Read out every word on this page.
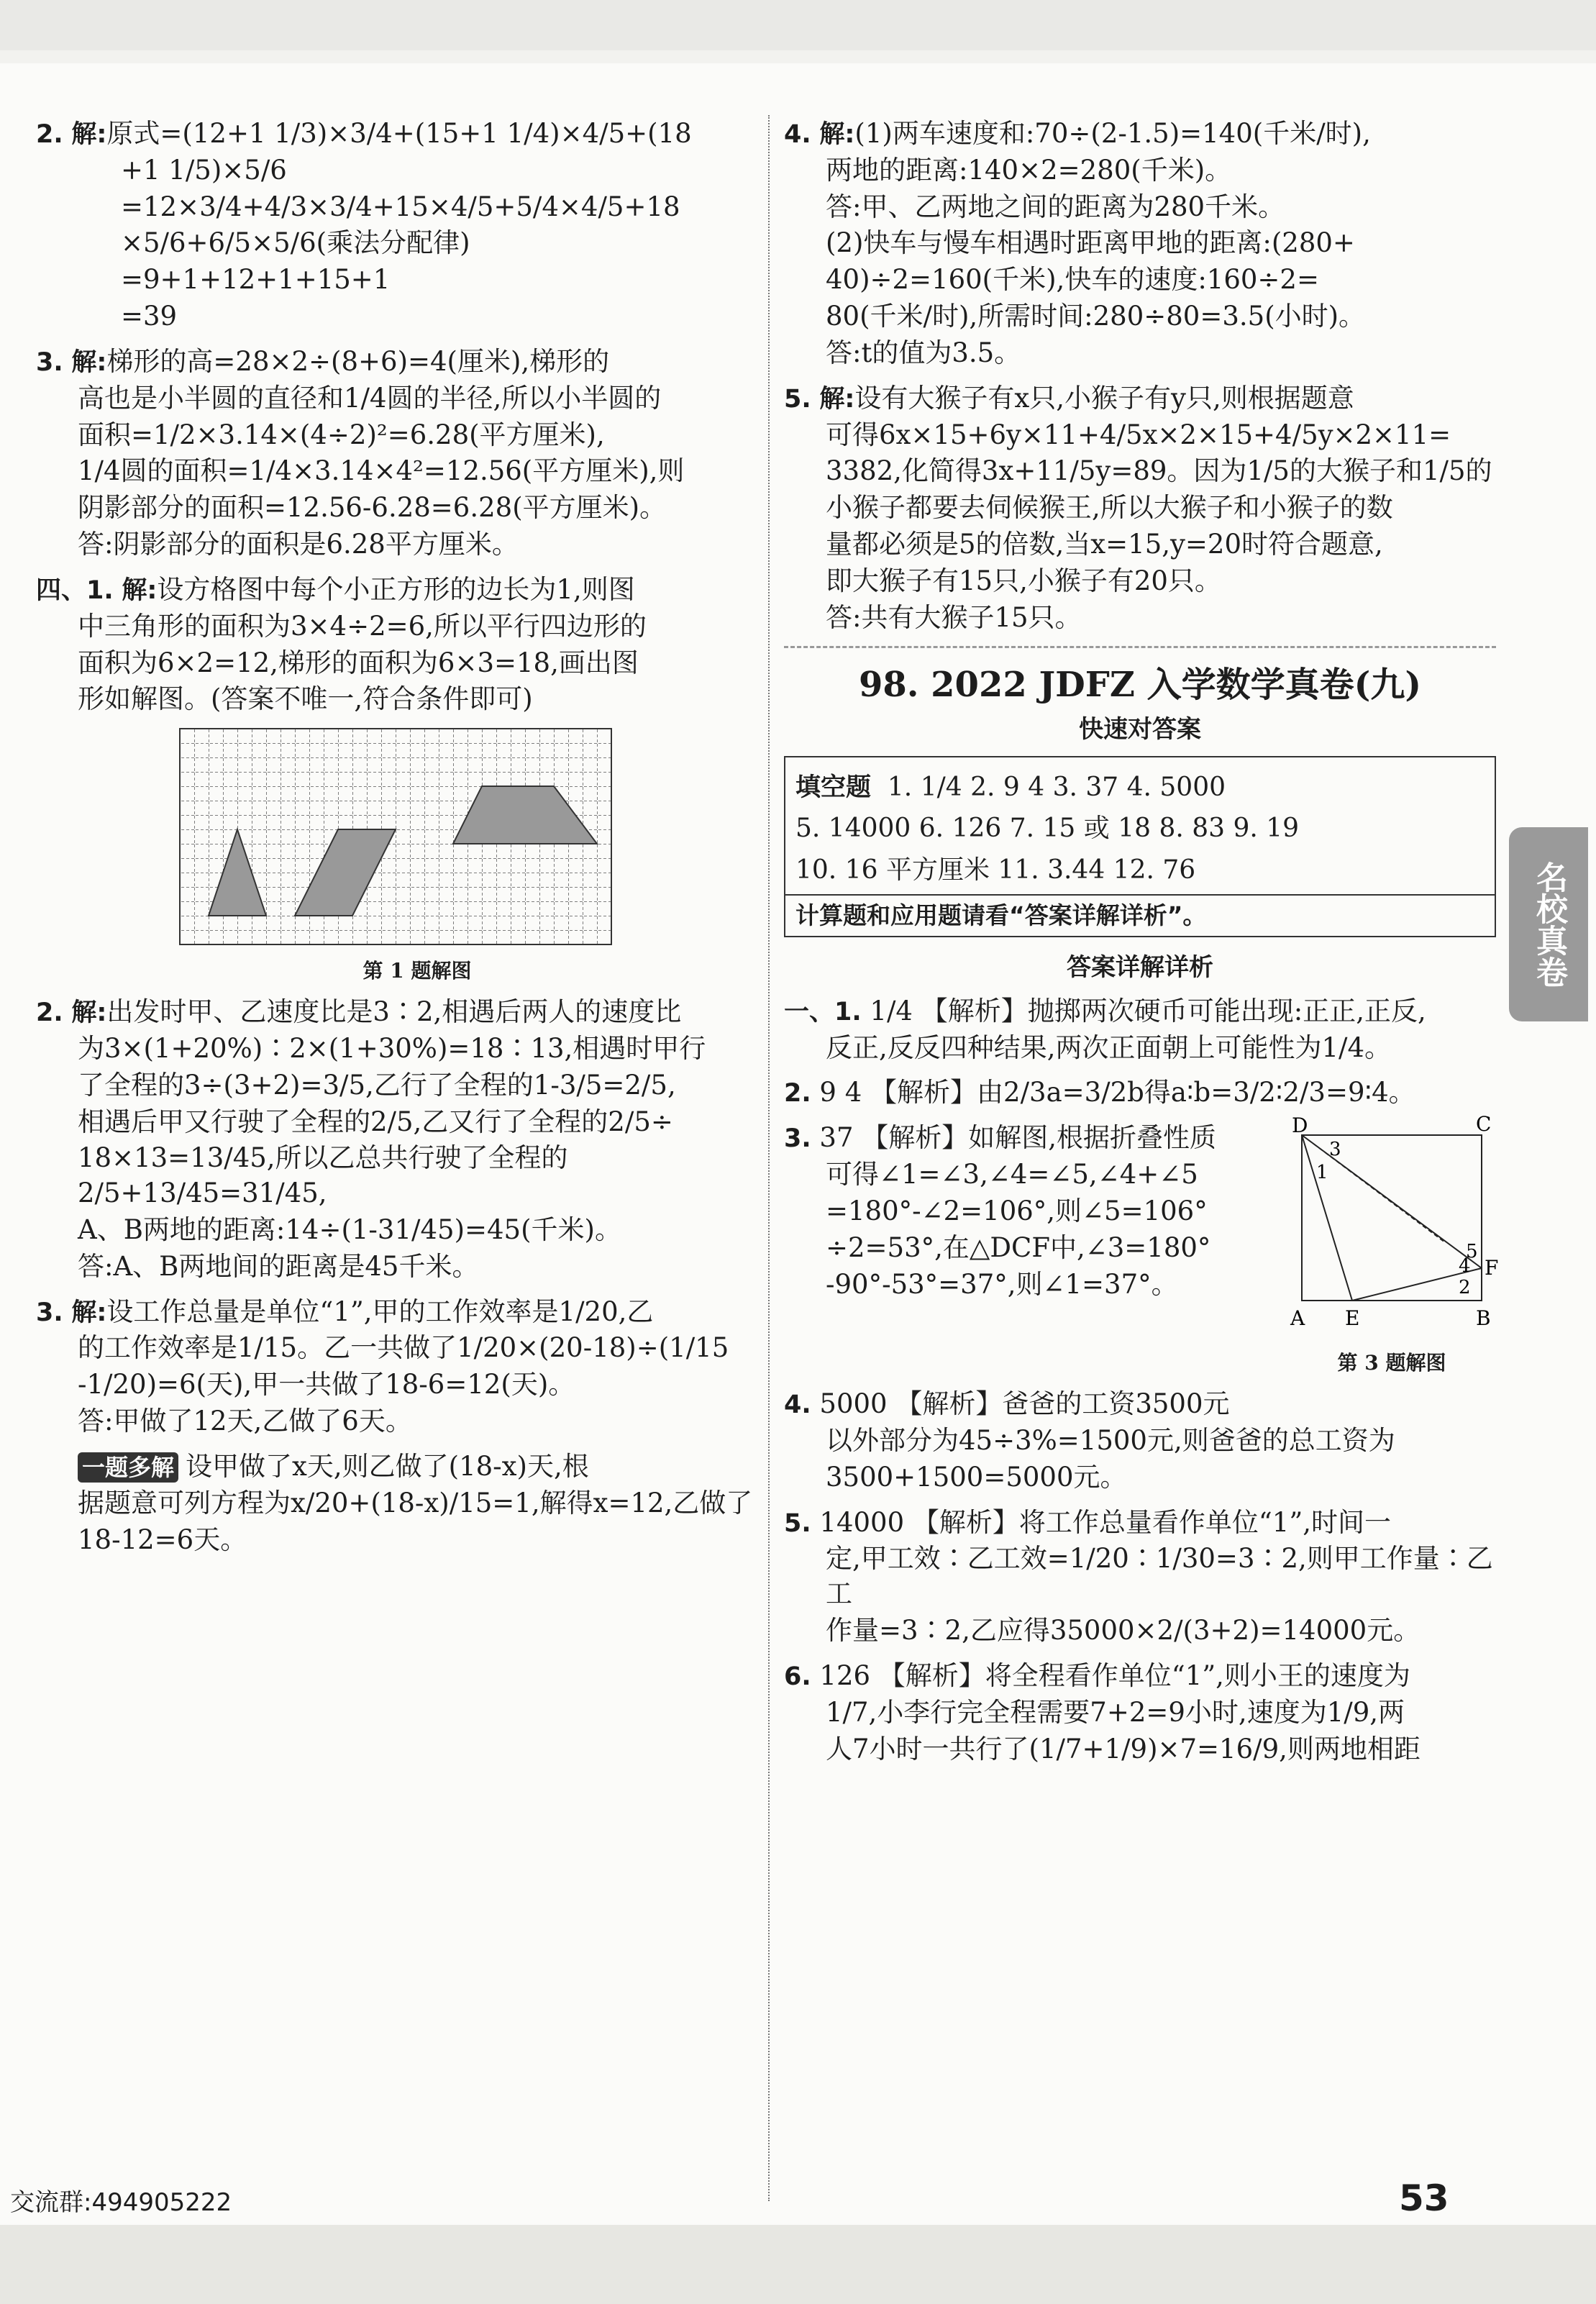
2. 解:原式=(12+1 1/3)×3/4+(15+1 1/4)×4/5+(18
+1 1/5)×5/6
=12×3/4+4/3×3/4+15×4/5+5/4×4/5+18
×5/6+6/5×5/6(乘法分配律)
=9+1+12+1+15+1
=39
3. 解:梯形的高=28×2÷(8+6)=4(厘米),梯形的
高也是小半圆的直径和1/4圆的半径,所以小半圆的
面积=1/2×3.14×(4÷2)²=6.28(平方厘米),
1/4圆的面积=1/4×3.14×4²=12.56(平方厘米),则
阴影部分的面积=12.56-6.28=6.28(平方厘米)。
答:阴影部分的面积是6.28平方厘米。
四、1. 解:设方格图中每个小正方形的边长为1,则图
中三角形的面积为3×4÷2=6,所以平行四边形的
面积为6×2=12,梯形的面积为6×3=18,画出图
形如解图。(答案不唯一,符合条件即可)
第 1 题解图
2. 解:出发时甲、乙速度比是3∶2,相遇后两人的速度比
为3×(1+20%)∶2×(1+30%)=18∶13,相遇时甲行
了全程的3÷(3+2)=3/5,乙行了全程的1-3/5=2/5,
相遇后甲又行驶了全程的2/5,乙又行了全程的2/5÷
18×13=13/45,所以乙总共行驶了全程的2/5+13/45=31/45,
A、B两地的距离:14÷(1-31/45)=45(千米)。
答:A、B两地间的距离是45千米。
3. 解:设工作总量是单位“1”,甲的工作效率是1/20,乙
的工作效率是1/15。乙一共做了1/20×(20-18)÷(1/15
-1/20)=6(天),甲一共做了18-6=12(天)。
答:甲做了12天,乙做了6天。
一题多解 设甲做了x天,则乙做了(18-x)天,根
据题意可列方程为x/20+(18-x)/15=1,解得x=12,乙做了
18-12=6天。
4. 解:(1)两车速度和:70÷(2-1.5)=140(千米/时),
两地的距离:140×2=280(千米)。
答:甲、乙两地之间的距离为280千米。
(2)快车与慢车相遇时距离甲地的距离:(280+
40)÷2=160(千米),快车的速度:160÷2=
80(千米/时),所需时间:280÷80=3.5(小时)。
答:t的值为3.5。
5. 解:设有大猴子有x只,小猴子有y只,则根据题意
可得6x×15+6y×11+4/5x×2×15+4/5y×2×11=
3382,化简得3x+11/5y=89。因为1/5的大猴子和1/5的
小猴子都要去伺候猴王,所以大猴子和小猴子的数
量都必须是5的倍数,当x=15,y=20时符合题意,
即大猴子有15只,小猴子有20只。
答:共有大猴子15只。
98. 2022 JDFZ 入学数学真卷(九)
快速对答案
填空题 1. 1/4 2. 9 4 3. 37 4. 5000
5. 14000 6. 126 7. 15 或 18 8. 83 9. 19
10. 16 平方厘米 11. 3.44 12. 76
计算题和应用题请看“答案详解详析”。
答案详解详析
一、1. 1/4 【解析】抛掷两次硬币可能出现:正正,正反,
反正,反反四种结果,两次正面朝上可能性为1/4。
2. 9 4 【解析】由2/3a=3/2b得a∶b=3/2∶2/3=9∶4。
D	C
F
E
A	B
1
2
3
4
5
第 3 题解图
3. 37 【解析】如解图,根据折叠性质
可得∠1=∠3,∠4=∠5,∠4+∠5
=180°-∠2=106°,则∠5=106°
÷2=53°,在△DCF中,∠3=180°
-90°-53°=37°,则∠1=37°。
4. 5000 【解析】爸爸的工资3500元
以外部分为45÷3%=1500元,则爸爸的总工资为
3500+1500=5000元。
5. 14000 【解析】将工作总量看作单位“1”,时间一
定,甲工效∶乙工效=1/20∶1/30=3∶2,则甲工作量∶乙工
作量=3∶2,乙应得35000×2/(3+2)=14000元。
6. 126 【解析】将全程看作单位“1”,则小王的速度为
1/7,小李行完全程需要7+2=9小时,速度为1/9,两
人7小时一共行了(1/7+1/9)×7=16/9,则两地相距
名校真卷
交流群:494905222	53
